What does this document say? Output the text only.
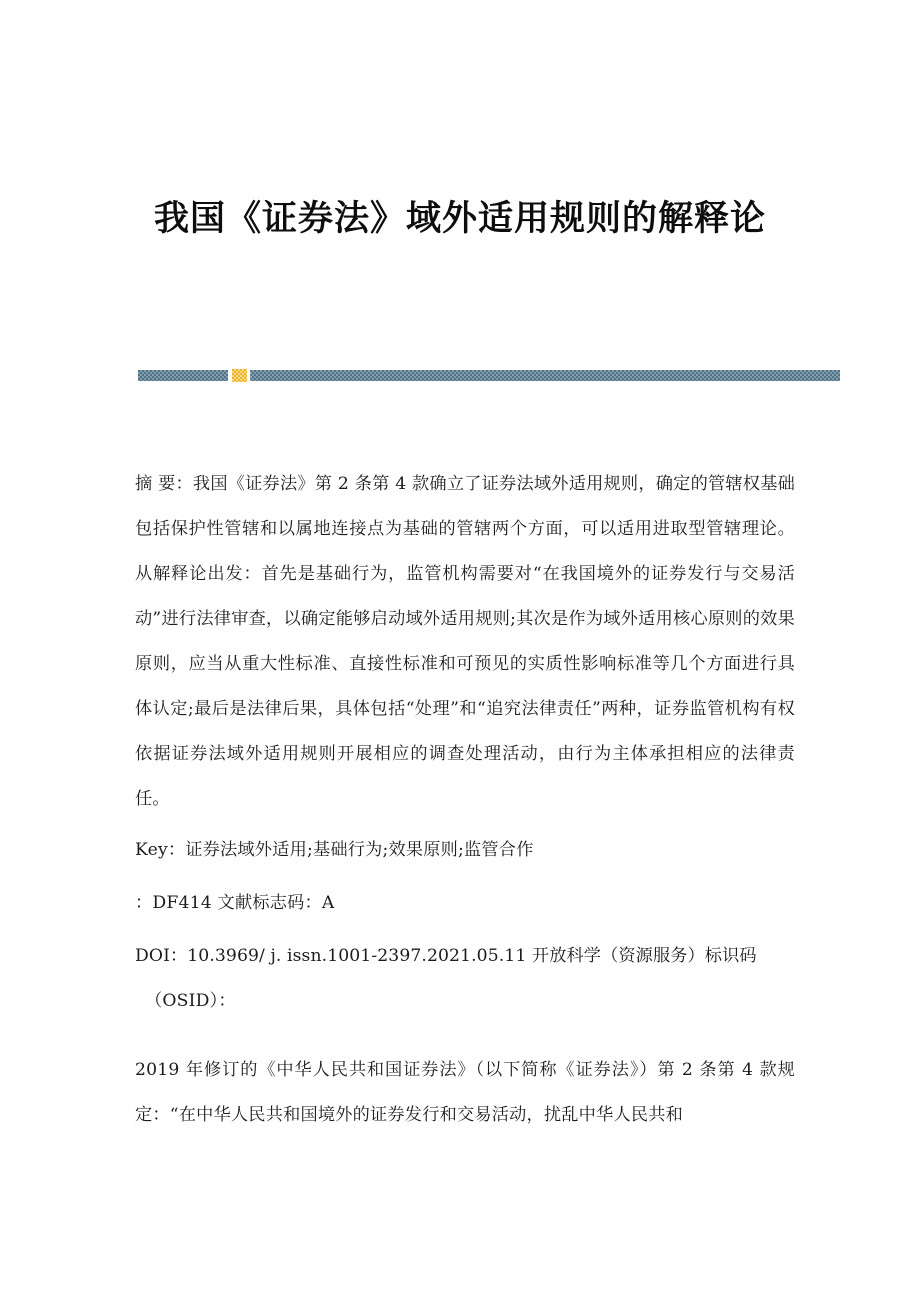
我国《证券法》域外适用规则的解释论

摘 要：我国《证券法》第 2 条第 4 款确立了证券法域外适用规则，确定的管辖权基础包括保护性管辖和以属地连接点为基础的管辖两个方面，可以适用进取型管辖理论。从解释论出发：首先是基础行为，监管机构需要对“在我国境外的证券发行与交易活动”进行法律审查，以确定能够启动域外适用规则;其次是作为域外适用核心原则的效果原则，应当从重大性标准、直接性标准和可预见的实质性影响标准等几个方面进行具体认定;最后是法律后果，具体包括“处理”和“追究法律责任”两种，证券监管机构有权依据证券法域外适用规则开展相应的调查处理活动，由行为主体承担相应的法律责任。

Key：证券法域外适用;基础行为;效果原则;监管合作
：DF414 文献标志码：A
DOI：10.3969/ j. issn.1001-2397.2021.05.11 开放科学（资源服务）标识码
（OSID）：

2019 年修订的《中华人民共和国证券法》（以下简称《证券法》）第 2 条第 4 款规定：“在中华人民共和国境外的证券发行和交易活动，扰乱中华人民共和
